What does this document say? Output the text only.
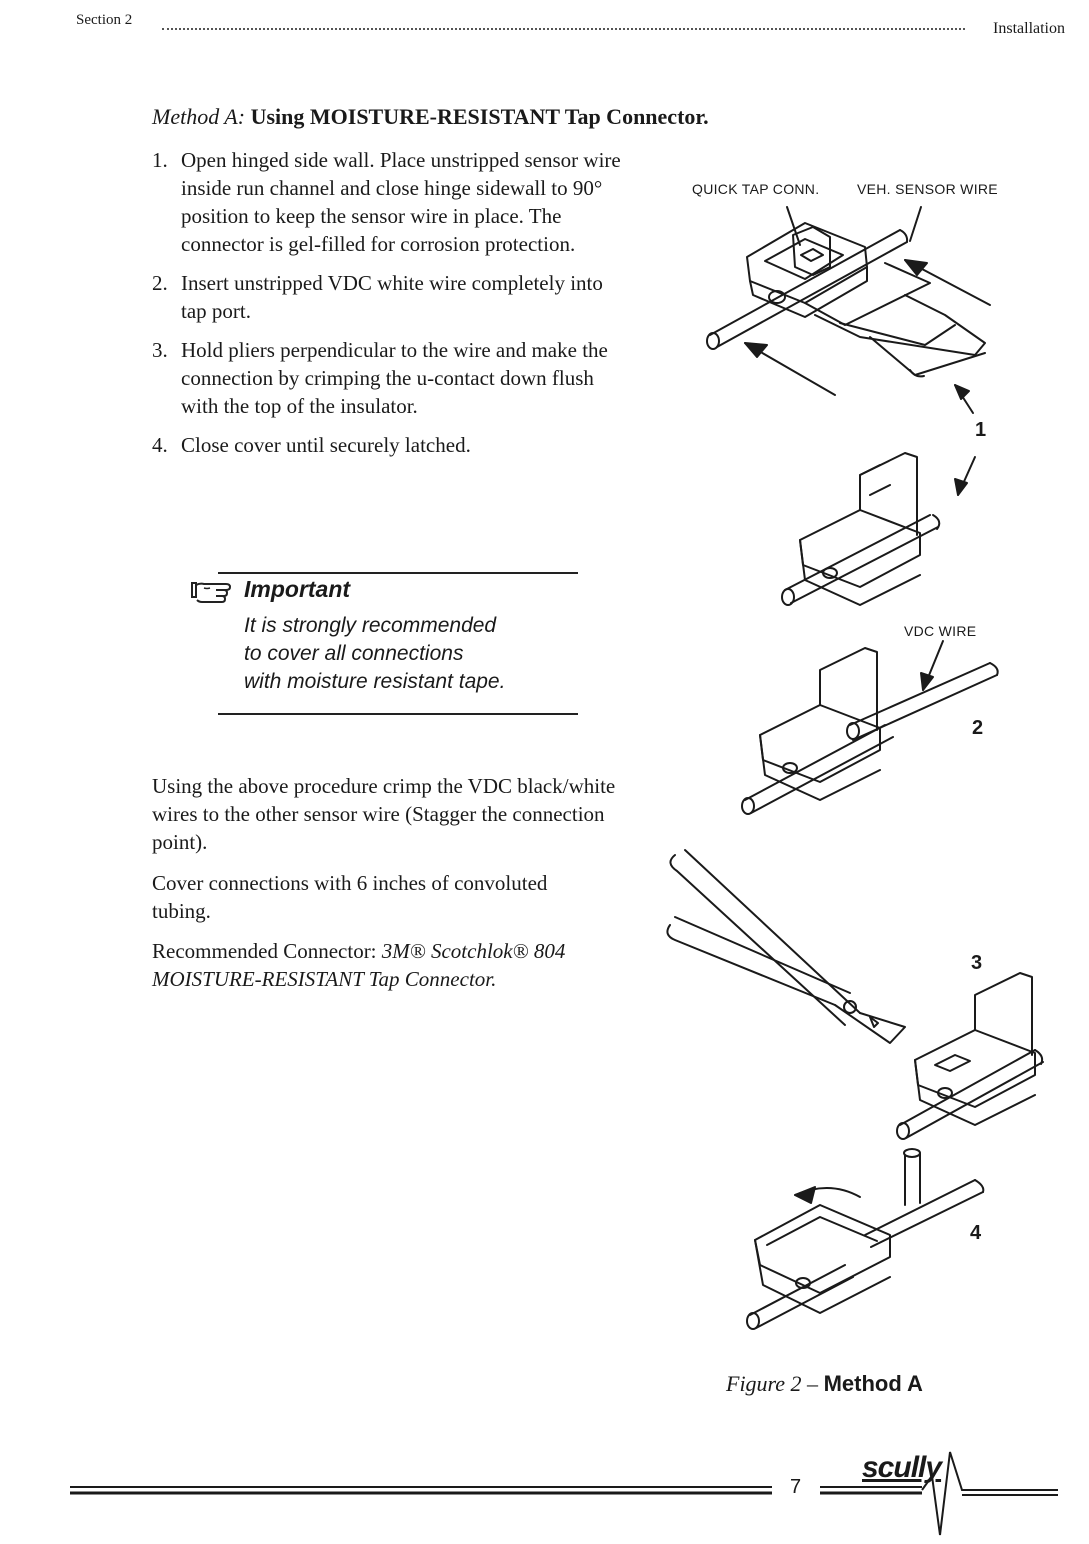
Section 2	Installation
Method A: Using MOISTURE-RESISTANT Tap Connector.
1. Open hinged side wall. Place unstripped sensor wire inside run channel and close hinge sidewall to 90° position to keep the sensor wire in place. The connector is gel-filled for corrosion protection.
2. Insert unstripped VDC white wire completely into tap port.
3. Hold pliers perpendicular to the wire and make the connection by crimping the u-contact down flush with the top of the insulator.
4. Close cover until securely latched.
Important
It is strongly recommended
to cover all connections
with moisture resistant tape.

Using the above procedure crimp the VDC black/white wires to the other sensor wire (Stagger the connection point).

Cover connections with 6 inches of convoluted tubing.

Recommended Connector: 3M® Scotchlok® 804 MOISTURE-RESISTANT Tap Connector.

QUICK TAP CONN.	VEH. SENSOR WIRE
VDC WIRE
1
2
3
4
Figure 2 – Method A
7
scully
